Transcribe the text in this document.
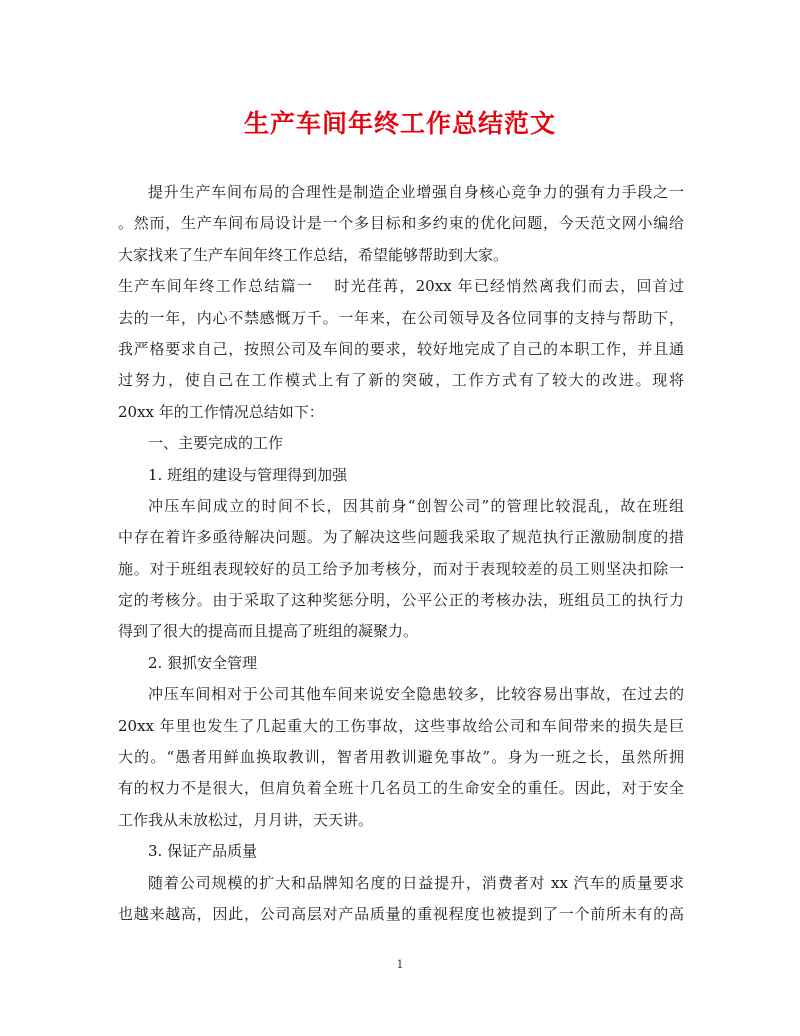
生产车间年终工作总结范文
提升生产车间布局的合理性是制造企业增强自身核心竞争力的强有力手段之一
。然而，生产车间布局设计是一个多目标和多约束的优化问题，今天范文网小编给
大家找来了生产车间年终工作总结，希望能够帮助到大家。
生产车间年终工作总结篇一 时光荏苒，20xx 年已经悄然离我们而去，回首过
去的一年，内心不禁感慨万千。一年来，在公司领导及各位同事的支持与帮助下，
我严格要求自己，按照公司及车间的要求，较好地完成了自己的本职工作，并且通
过努力，使自己在工作模式上有了新的突破，工作方式有了较大的改进。现将
20xx 年的工作情况总结如下：
一、主要完成的工作
1. 班组的建设与管理得到加强
冲压车间成立的时间不长，因其前身“创智公司”的管理比较混乱，故在班组
中存在着许多亟待解决问题。为了解决这些问题我采取了规范执行正激励制度的措
施。对于班组表现较好的员工给予加考核分，而对于表现较差的员工则坚决扣除一
定的考核分。由于采取了这种奖惩分明，公平公正的考核办法，班组员工的执行力
得到了很大的提高而且提高了班组的凝聚力。
2. 狠抓安全管理
冲压车间相对于公司其他车间来说安全隐患较多，比较容易出事故，在过去的
20xx 年里也发生了几起重大的工伤事故，这些事故给公司和车间带来的损失是巨
大的。“愚者用鲜血换取教训，智者用教训避免事故”。身为一班之长，虽然所拥
有的权力不是很大，但肩负着全班十几名员工的生命安全的重任。因此，对于安全
工作我从未放松过，月月讲，天天讲。
3. 保证产品质量
随着公司规模的扩大和品牌知名度的日益提升，消费者对 xx 汽车的质量要求
也越来越高，因此，公司高层对产品质量的重视程度也被提到了一个前所未有的高
1
